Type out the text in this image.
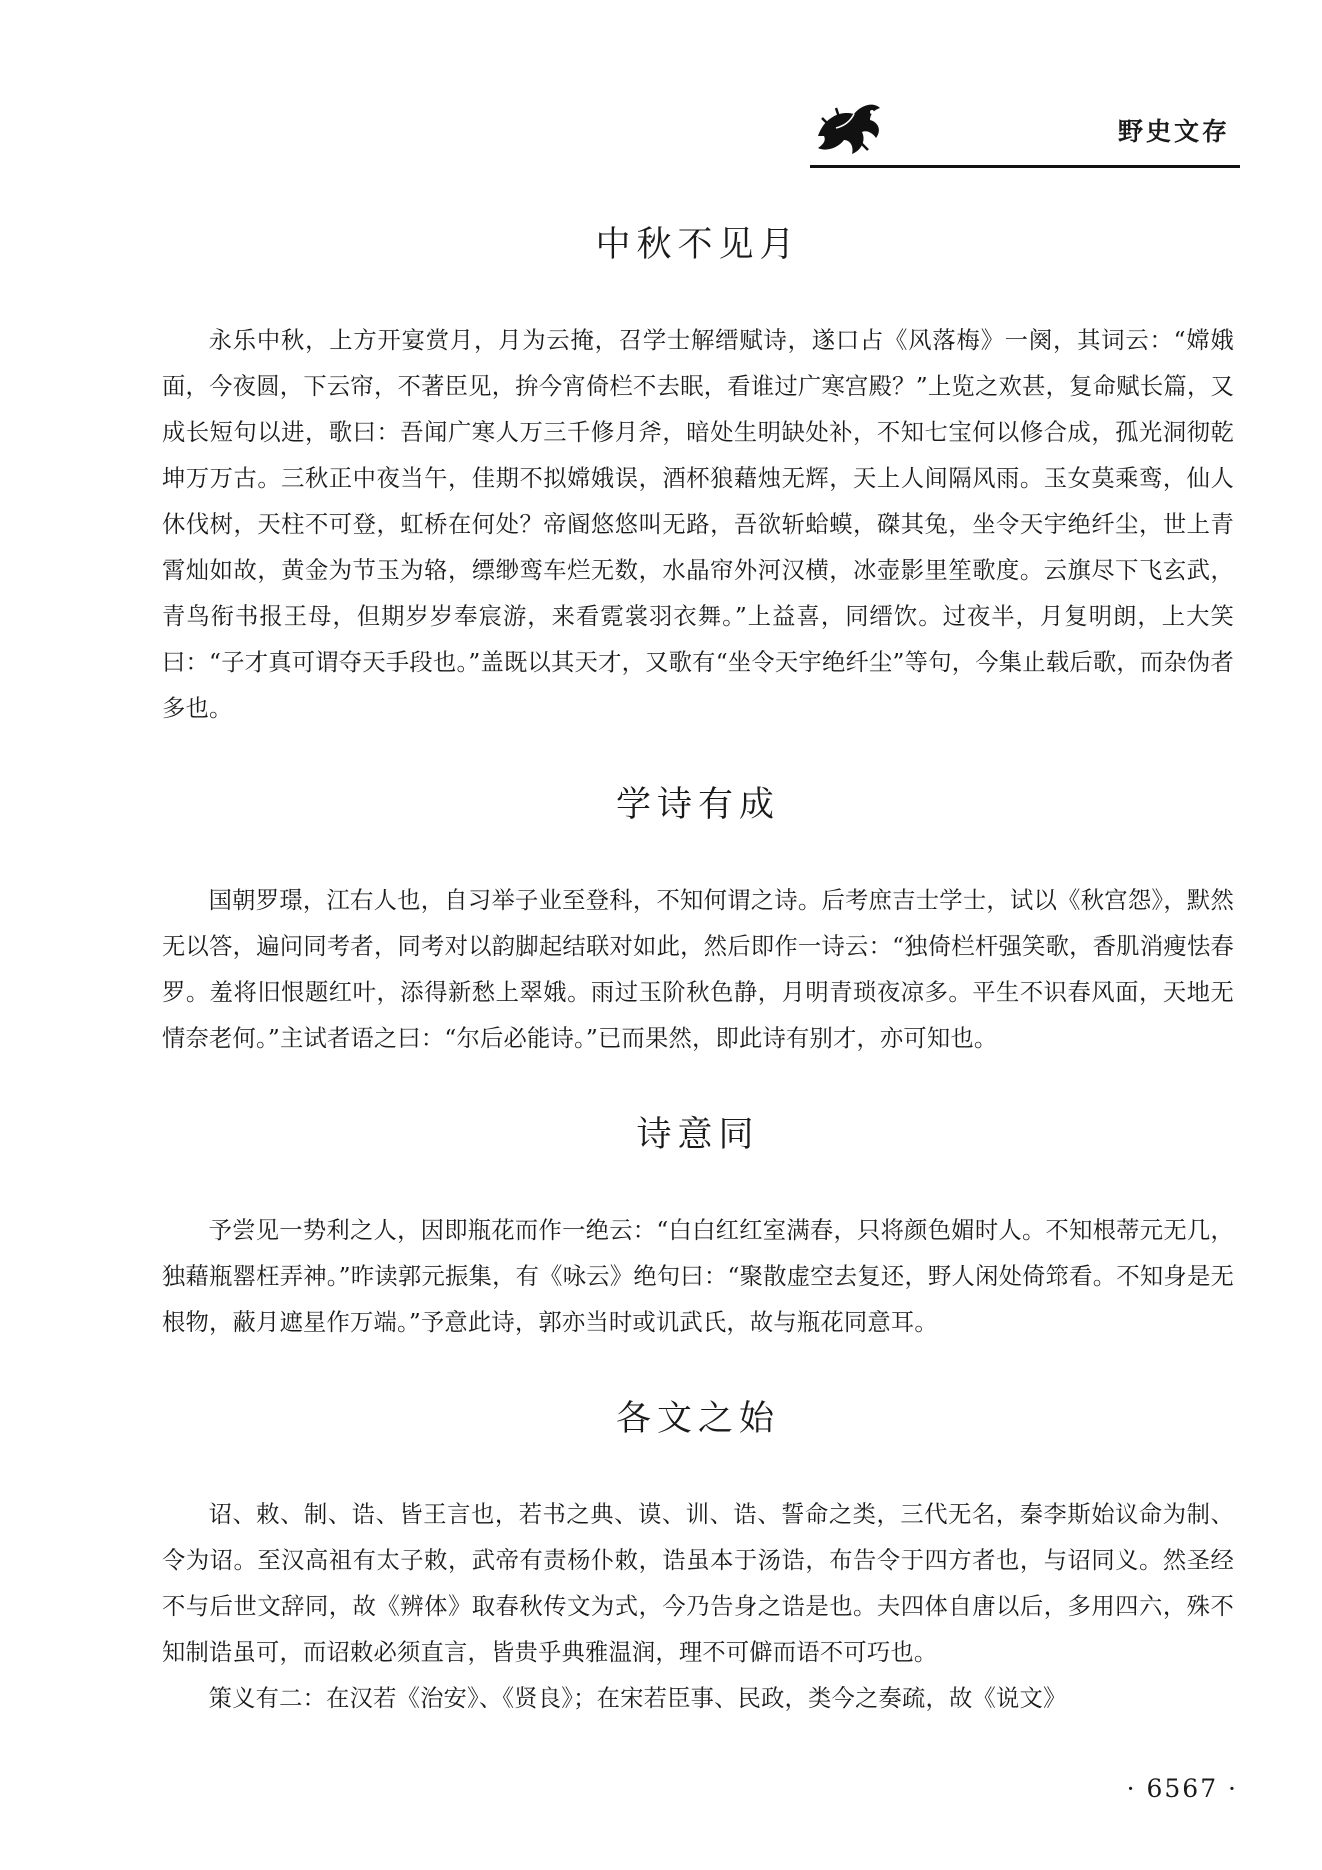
野史文存
中秋不见月

永乐中秋，上方开宴赏月，月为云掩，召学士解缙赋诗，遂口占《风落梅》一阕，其词云：“嫦娥面，今夜圆，下云帘，不著臣见，拚今宵倚栏不去眠，看谁过广寒宫殿？”上览之欢甚，复命赋长篇，又成长短句以进，歌曰：吾闻广寒人万三千修月斧，暗处生明缺处补，不知七宝何以修合成，孤光洞彻乾坤万万古。三秋正中夜当午，佳期不拟嫦娥误，酒杯狼藉烛无辉，天上人间隔风雨。玉女莫乘鸾，仙人休伐树，天柱不可登，虹桥在何处？帝阍悠悠叫无路，吾欲斩蛤蟆，磔其兔，坐令天宇绝纤尘，世上青霄灿如故，黄金为节玉为辂，缥缈鸾车烂无数，水晶帘外河汉横，冰壶影里笙歌度。云旗尽下飞玄武，青鸟衔书报王母，但期岁岁奉宸游，来看霓裳羽衣舞。”上益喜，同缙饮。过夜半，月复明朗，上大笑曰：“子才真可谓夺天手段也。”盖既以其天才，又歌有“坐令天宇绝纤尘”等句，今集止载后歌，而杂伪者多也。

学诗有成

国朝罗璟，江右人也，自习举子业至登科，不知何谓之诗。后考庶吉士学士，试以《秋宫怨》，默然无以答，遍问同考者，同考对以韵脚起结联对如此，然后即作一诗云：“独倚栏杆强笑歌，香肌消瘦怯春罗。羞将旧恨题红叶，添得新愁上翠娥。雨过玉阶秋色静，月明青琐夜凉多。平生不识春风面，天地无情奈老何。”主试者语之曰：“尔后必能诗。”已而果然，即此诗有别才，亦可知也。

诗意同

予尝见一势利之人，因即瓶花而作一绝云：“白白红红室满春，只将颜色媚时人。不知根蒂元无几，独藉瓶罂枉弄神。”昨读郭元振集，有《咏云》绝句曰：“聚散虚空去复还，野人闲处倚筇看。不知身是无根物，蔽月遮星作万端。”予意此诗，郭亦当时或讥武氏，故与瓶花同意耳。

各文之始

诏、敕、制、诰、皆王言也，若书之典、谟、训、诰、誓命之类，三代无名，秦李斯始议命为制、令为诏。至汉高祖有太子敕，武帝有责杨仆敕，诰虽本于汤诰，布告令于四方者也，与诏同义。然圣经不与后世文辞同，故《辨体》取春秋传文为式，今乃告身之诰是也。夫四体自唐以后，多用四六，殊不知制诰虽可，而诏敕必须直言，皆贵乎典雅温润，理不可僻而语不可巧也。

策义有二：在汉若《治安》、《贤良》；在宋若臣事、民政，类今之奏疏，故《说文》

· 6567 ·
